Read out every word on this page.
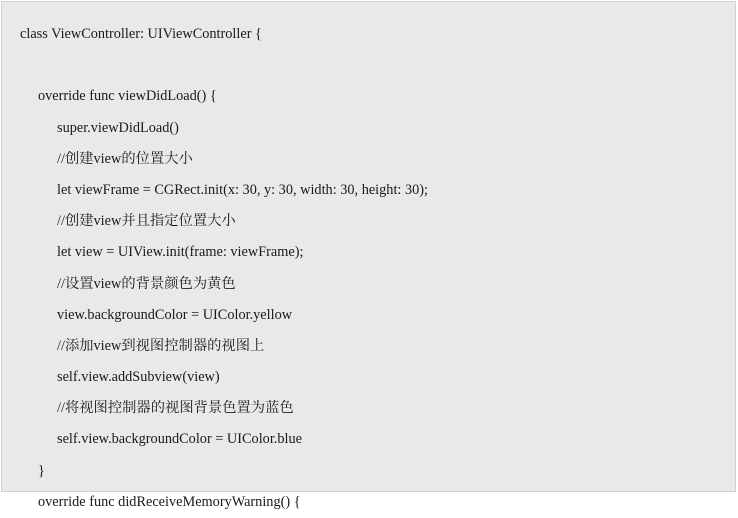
class ViewController: UIViewController {
override func viewDidLoad() {
super.viewDidLoad()
//创建view的位置大小
let viewFrame = CGRect.init(x: 30, y: 30, width: 30, height: 30);
//创建view并且指定位置大小
let view = UIView.init(frame: viewFrame);
//设置view的背景颜色为黄色
view.backgroundColor = UIColor.yellow
//添加view到视图控制器的视图上
self.view.addSubview(view)
//将视图控制器的视图背景色置为蓝色
self.view.backgroundColor = UIColor.blue
}
override func didReceiveMemoryWarning() {
